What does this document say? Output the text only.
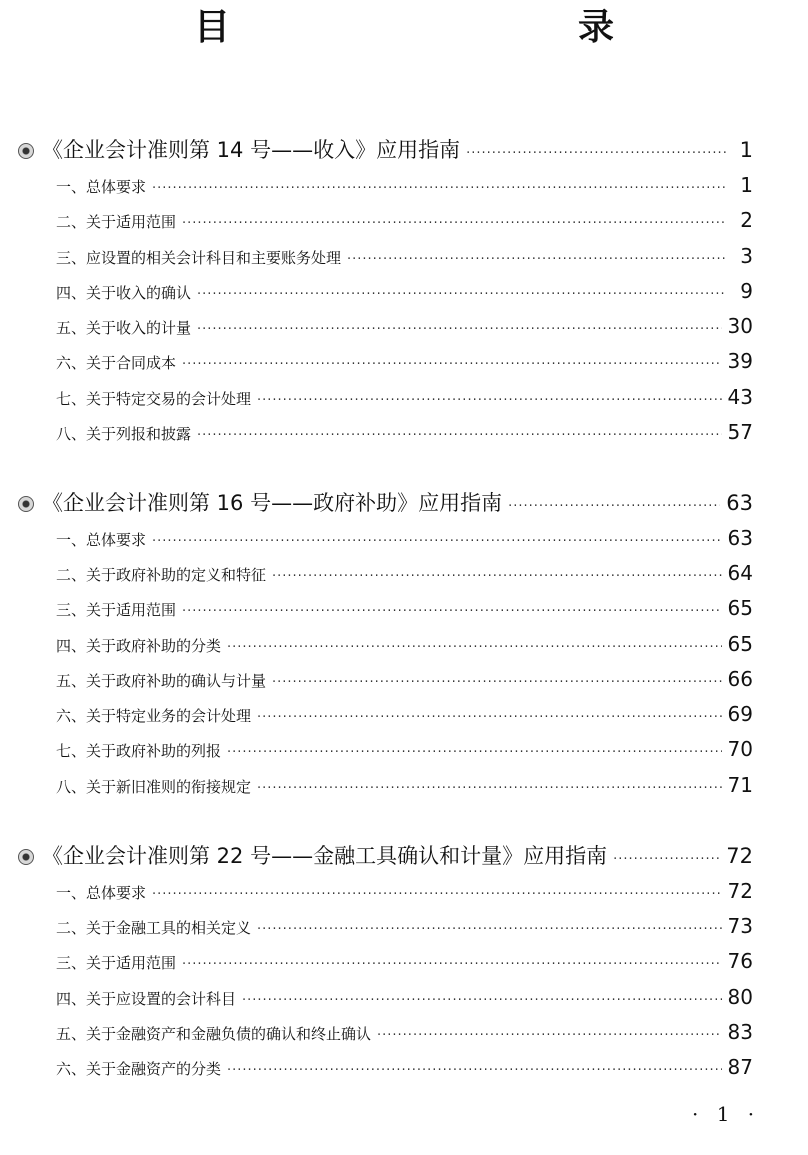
目　　录
《企业会计准则第 14 号——收入》应用指南 ·····	1
一、总体要求 ·····	1
二、关于适用范围 ·····	2
三、应设置的相关会计科目和主要账务处理 ·····	3
四、关于收入的确认 ·····	9
五、关于收入的计量 ·····	30
六、关于合同成本 ·····	39
七、关于特定交易的会计处理 ·····	43
八、关于列报和披露 ·····	57
《企业会计准则第 16 号——政府补助》应用指南 ·····	63
一、总体要求 ·····	63
二、关于政府补助的定义和特征 ·····	64
三、关于适用范围 ·····	65
四、关于政府补助的分类 ·····	65
五、关于政府补助的确认与计量 ·····	66
六、关于特定业务的会计处理 ·····	69
七、关于政府补助的列报 ·····	70
八、关于新旧准则的衔接规定 ·····	71
《企业会计准则第 22 号——金融工具确认和计量》应用指南 ·····	72
一、总体要求 ·····	72
二、关于金融工具的相关定义 ·····	73
三、关于适用范围 ·····	76
四、关于应设置的会计科目 ·····	80
五、关于金融资产和金融负债的确认和终止确认 ·····	83
六、关于金融资产的分类 ·····	87
· 1 ·
